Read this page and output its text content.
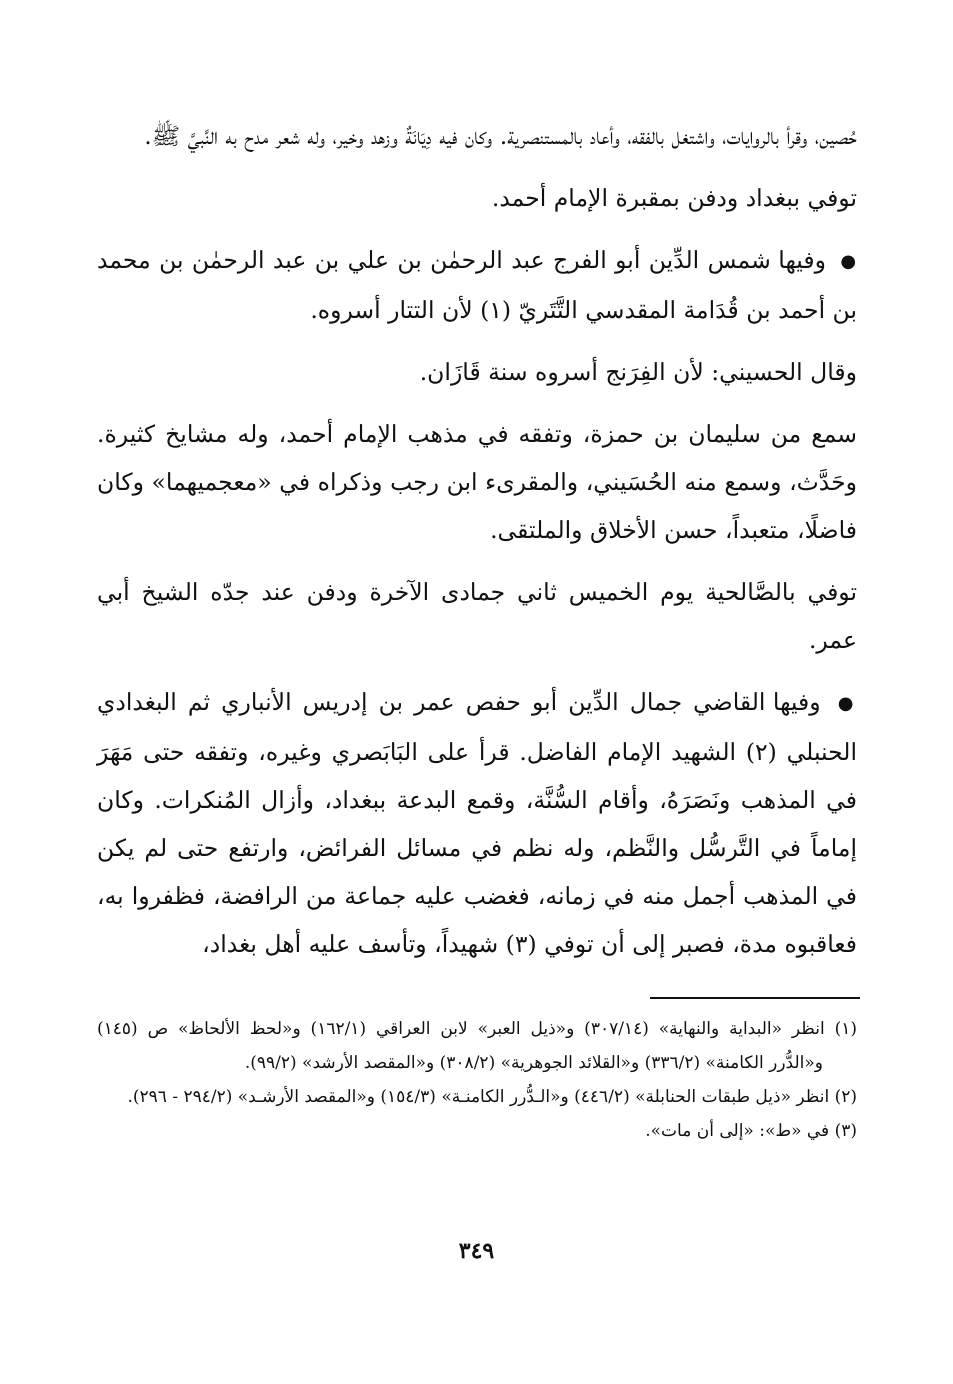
حُصين، وقرأ بالروايات، واشتغل بالفقه، وأعاد بالمستنصرية. وكان فيه دِيَانَةٌ وزهد وخير، وله شعر مدح به النَّبيَّ ﷺ.

توفي ببغداد ودفن بمقبرة الإمام أحمد.

● وفيها شمس الدِّين أبو الفرج عبد الرحمٰن بن علي بن عبد الرحمٰن بن محمد بن أحمد بن قُدَامة المقدسي التَّتَريّ (١) لأن التتار أسروه.

وقال الحسيني: لأن الفِرَنج أسروه سنة قَازَان.

سمع من سليمان بن حمزة، وتفقه في مذهب الإمام أحمد، وله مشايخ كثيرة. وحَدَّث، وسمع منه الحُسَيني، والمقرىء ابن رجب وذكراه في «معجميهما» وكان فاضلًا، متعبداً، حسن الأخلاق والملتقى.

توفي بالصَّالحية يوم الخميس ثاني جمادى الآخرة ودفن عند جدّه الشيخ أبي عمر.

● وفيها القاضي جمال الدِّين أبو حفص عمر بن إدريس الأنباري ثم البغدادي الحنبلي (٢) الشهيد الإمام الفاضل. قرأ على البَابَصري وغيره، وتفقه حتى مَهَرَ في المذهب ونَصَرَهُ، وأقام السُّنَّة، وقمع البدعة ببغداد، وأزال المُنكرات. وكان إماماً في التَّرسُّل والنَّظم، وله نظم في مسائل الفرائض، وارتفع حتى لم يكن في المذهب أجمل منه في زمانه، فغضب عليه جماعة من الرافضة، فظفروا به، فعاقبوه مدة، فصبر إلى أن توفي (٣) شهيداً، وتأسف عليه أهل بغداد،

(١) انظر «البداية والنهاية» (٣٠٧/١٤) و«ذيل العبر» لابن العراقي (١٦٢/١) و«لحظ الألحاظ» ص (١٤٥) و«الدُّرر الكامنة» (٣٣٦/٢) و«القلائد الجوهرية» (٣٠٨/٢) و«المقصد الأرشد» (٩٩/٢).

(٢) انظر «ذيل طبقات الحنابلة» (٤٤٦/٢) و«الـدُّرر الكامنـة» (١٥٤/٣) و«المقصد الأرشـد» (٢٩٤/٢ - ٢٩٦).

(٣) في «ط»: «إلى أن مات».

٣٤٩
